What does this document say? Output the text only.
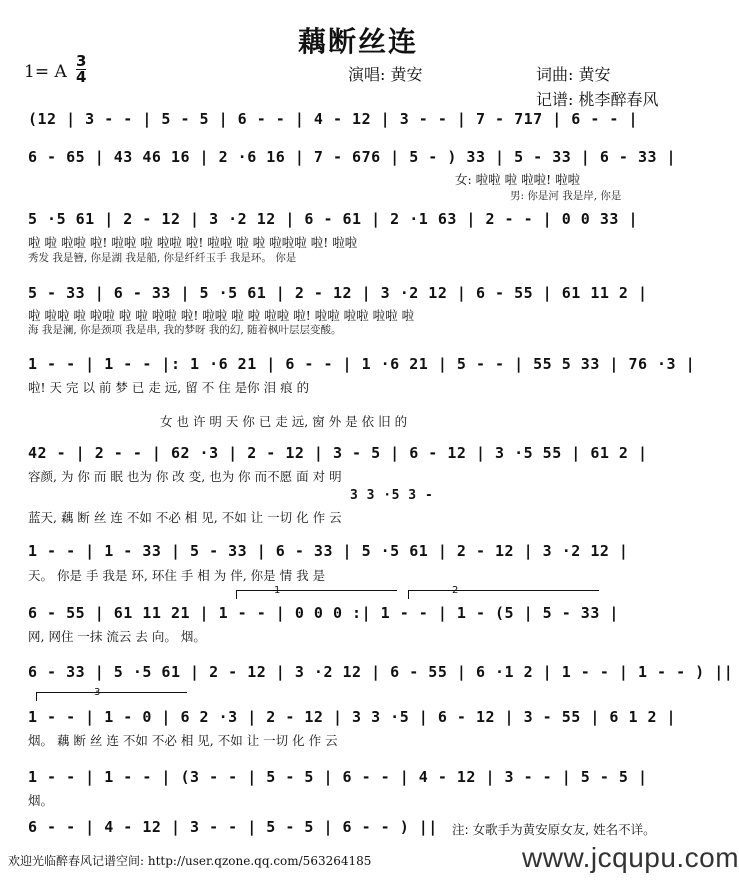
藕断丝连
1= A
3
4	演唱: 黄安	词曲: 黄安
记谱: 桃李醉春风
(12 | 3 - - | 5 - 5 | 6 - - | 4 - 12 | 3 - - | 7 - 717 | 6 - - |
6 - 65 | 43 46 16 | 2 ·6 16 | 7 - 676 | 5 - ) 33 | 5 - 33 | 6 - 33 |
女: 啦啦 啦 啦啦! 啦啦
男: 你是河 我是岸, 你是
5 ·5 61 | 2 - 12 | 3 ·2 12 | 6 - 61 | 2 ·1 63 | 2 - - | 0 0 33 |
啦 啦 啦啦 啦! 啦啦 啦 啦啦 啦! 啦啦 啦 啦 啦啦啦 啦! 啦啦
秀发 我是簪, 你是湖 我是船, 你是纤纤玉手 我是环。 你是
5 - 33 | 6 - 33 | 5 ·5 61 | 2 - 12 | 3 ·2 12 | 6 - 55 | 61 11 2 |
啦 啦啦 啦 啦啦 啦 啦 啦啦 啦! 啦啦 啦 啦 啦啦 啦! 啦啦 啦啦 啦啦 啦
海 我是澜, 你是颈项 我是串, 我的梦呀 我的幻, 随着枫叶层层变酸。
1 - - | 1 - - |: 1 ·6 21 | 6 - - | 1 ·6 21 | 5 - - | 55 5 33 | 76 ·3 |
啦! 天 完 以 前 梦 已 走 远, 留 不 住 是你 泪 痕 的
女 也 许 明 天 你 已 走 远, 窗 外 是 依 旧 的
42 - | 2 - - | 62 ·3 | 2 - 12 | 3 - 5 | 6 - 12 | 3 ·5 55 | 61 2 |
容颜, 为 你 而 眠 也为 你 改 变, 也为 你 而不愿 面 对 明
3 3 ·5 3 -
蓝天, 藕 断 丝 连 不如 不必 相 见, 不如 让 一切 化 作 云
1 - - | 1 - 33 | 5 - 33 | 6 - 33 | 5 ·5 61 | 2 - 12 | 3 ·2 12 |
天。 你是 手 我是 环, 环住 手 相 为 伴, 你是 情 我 是
1	2
6 - 55 | 61 11 21 | 1 - - | 0 0 0 :| 1 - - | 1 - (5 | 5 - 33 |
网, 网住 一抹 流云 去 向。 烟。
6 - 33 | 5 ·5 61 | 2 - 12 | 3 ·2 12 | 6 - 55 | 6 ·1 2 | 1 - - | 1 - - ) ||
3
1 - - | 1 - 0 | 6 2 ·3 | 2 - 12 | 3 3 ·5 | 6 - 12 | 3 - 55 | 6 1 2 |
烟。 藕 断 丝 连 不如 不必 相 见, 不如 让 一切 化 作 云
1 - - | 1 - - | (3 - - | 5 - 5 | 6 - - | 4 - 12 | 3 - - | 5 - 5 |
烟。
6 - - | 4 - 12 | 3 - - | 5 - 5 | 6 - - ) || 注: 女歌手为黄安原女友, 姓名不详。
欢迎光临醉春风记谱空间: http://user.qzone.qq.com/563264185	www.jcqupu.com
